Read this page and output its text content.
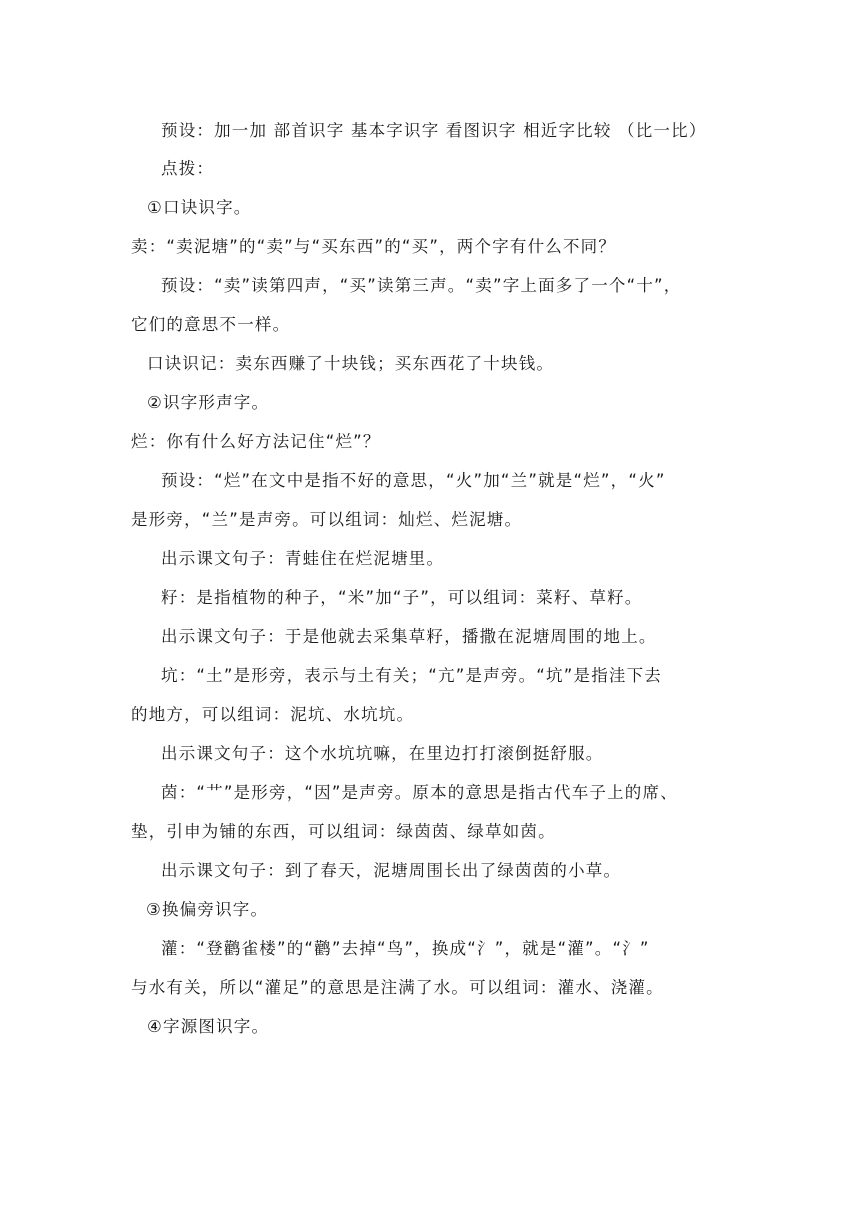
预设：加一加 部首识字 基本字识字 看图识字 相近字比较 （比一比）
点拨：
①口诀识字。
卖：“卖泥塘”的“卖”与“买东西”的“买”，两个字有什么不同？
预设：“卖”读第四声，“买”读第三声。“卖”字上面多了一个“十”，
它们的意思不一样。
口诀识记：卖东西赚了十块钱；买东西花了十块钱。
②识字形声字。
烂：你有什么好方法记住“烂”？
预设：“烂”在文中是指不好的意思，“火”加“兰”就是“烂”，“火”
是形旁，“兰”是声旁。可以组词：灿烂、烂泥塘。
出示课文句子：青蛙住在烂泥塘里。
籽：是指植物的种子，“米”加“子”，可以组词：菜籽、草籽。
出示课文句子：于是他就去采集草籽，播撒在泥塘周围的地上。
坑：“土”是形旁，表示与土有关；“亢”是声旁。“坑”是指洼下去
的地方，可以组词：泥坑、水坑坑。
出示课文句子：这个水坑坑嘛，在里边打打滚倒挺舒服。
茵：“艹”是形旁，“因”是声旁。原本的意思是指古代车子上的席、
垫，引申为铺的东西，可以组词：绿茵茵、绿草如茵。
出示课文句子：到了春天，泥塘周围长出了绿茵茵的小草。
③换偏旁识字。
灌：“登鹳雀楼”的“鹳”去掉“鸟”，换成“氵”，就是“灌”。“氵”
与水有关，所以“灌足”的意思是注满了水。可以组词：灌水、浇灌。
④字源图识字。
